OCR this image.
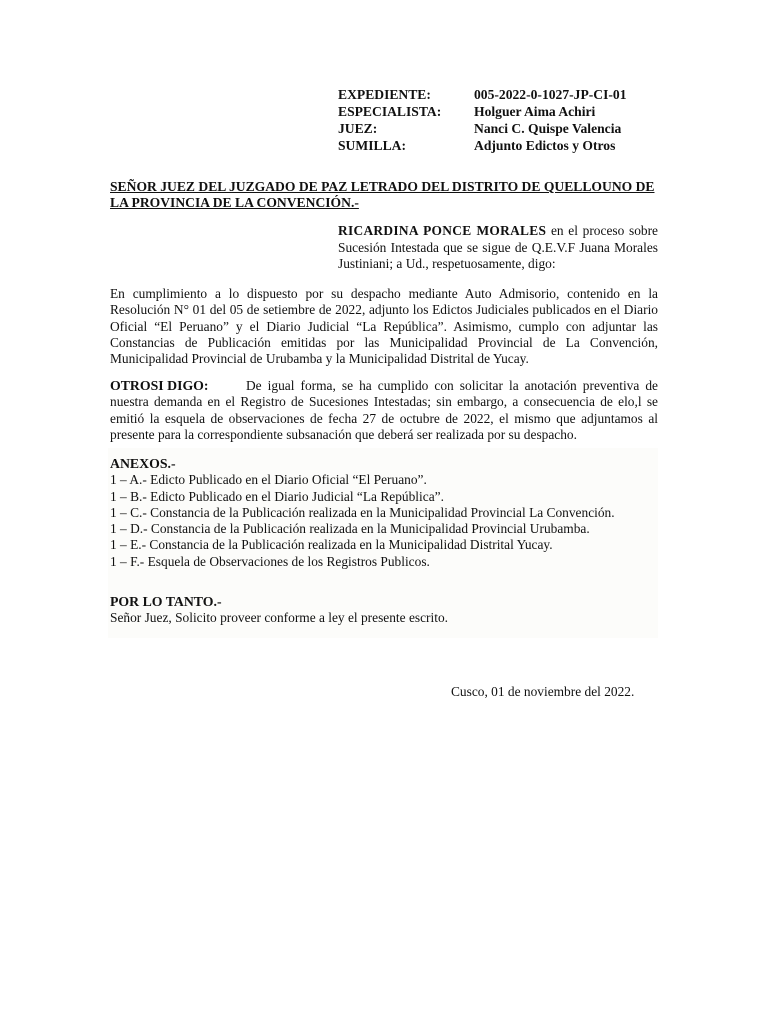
EXPEDIENTE:	005-2022-0-1027-JP-CI-01
ESPECIALISTA:	Holguer Aima Achiri
JUEZ:	Nanci C. Quispe Valencia
SUMILLA:	Adjunto Edictos y Otros
SEÑOR JUEZ DEL JUZGADO DE PAZ LETRADO DEL DISTRITO DE QUELLOUNO DE LA PROVINCIA DE LA CONVENCIÓN.-
RICARDINA PONCE MORALES en el proceso sobre Sucesión Intestada que se sigue de Q.E.V.F Juana Morales Justiniani; a Ud., respetuosamente, digo:
En cumplimiento a lo dispuesto por su despacho mediante Auto Admisorio, contenido en la Resolución N° 01 del 05 de setiembre de 2022, adjunto los Edictos Judiciales publicados en el Diario Oficial “El Peruano” y el Diario Judicial “La República”. Asimismo, cumplo con adjuntar las Constancias de Publicación emitidas por las Municipalidad Provincial de La Convención, Municipalidad Provincial de Urubamba y la Municipalidad Distrital de Yucay.
OTROSI DIGO:	De igual forma, se ha cumplido con solicitar la anotación preventiva de nuestra demanda en el Registro de Sucesiones Intestadas; sin embargo, a consecuencia de elo,l se emitió la esquela de observaciones de fecha 27 de octubre de 2022, el mismo que adjuntamos al presente para la correspondiente subsanación que deberá ser realizada por su despacho.
ANEXOS.-
1 – A.- Edicto Publicado en el Diario Oficial “El Peruano”.
1 – B.- Edicto Publicado en el Diario Judicial “La República”.
1 – C.- Constancia de la Publicación realizada en la Municipalidad Provincial La Convención.
1 – D.- Constancia de la Publicación realizada en la Municipalidad Provincial Urubamba.
1 – E.- Constancia de la Publicación realizada en la Municipalidad Distrital Yucay.
1 – F.- Esquela de Observaciones de los Registros Publicos.
POR LO TANTO.-
Señor Juez, Solicito proveer conforme a ley el presente escrito.
Cusco, 01 de noviembre del 2022.
